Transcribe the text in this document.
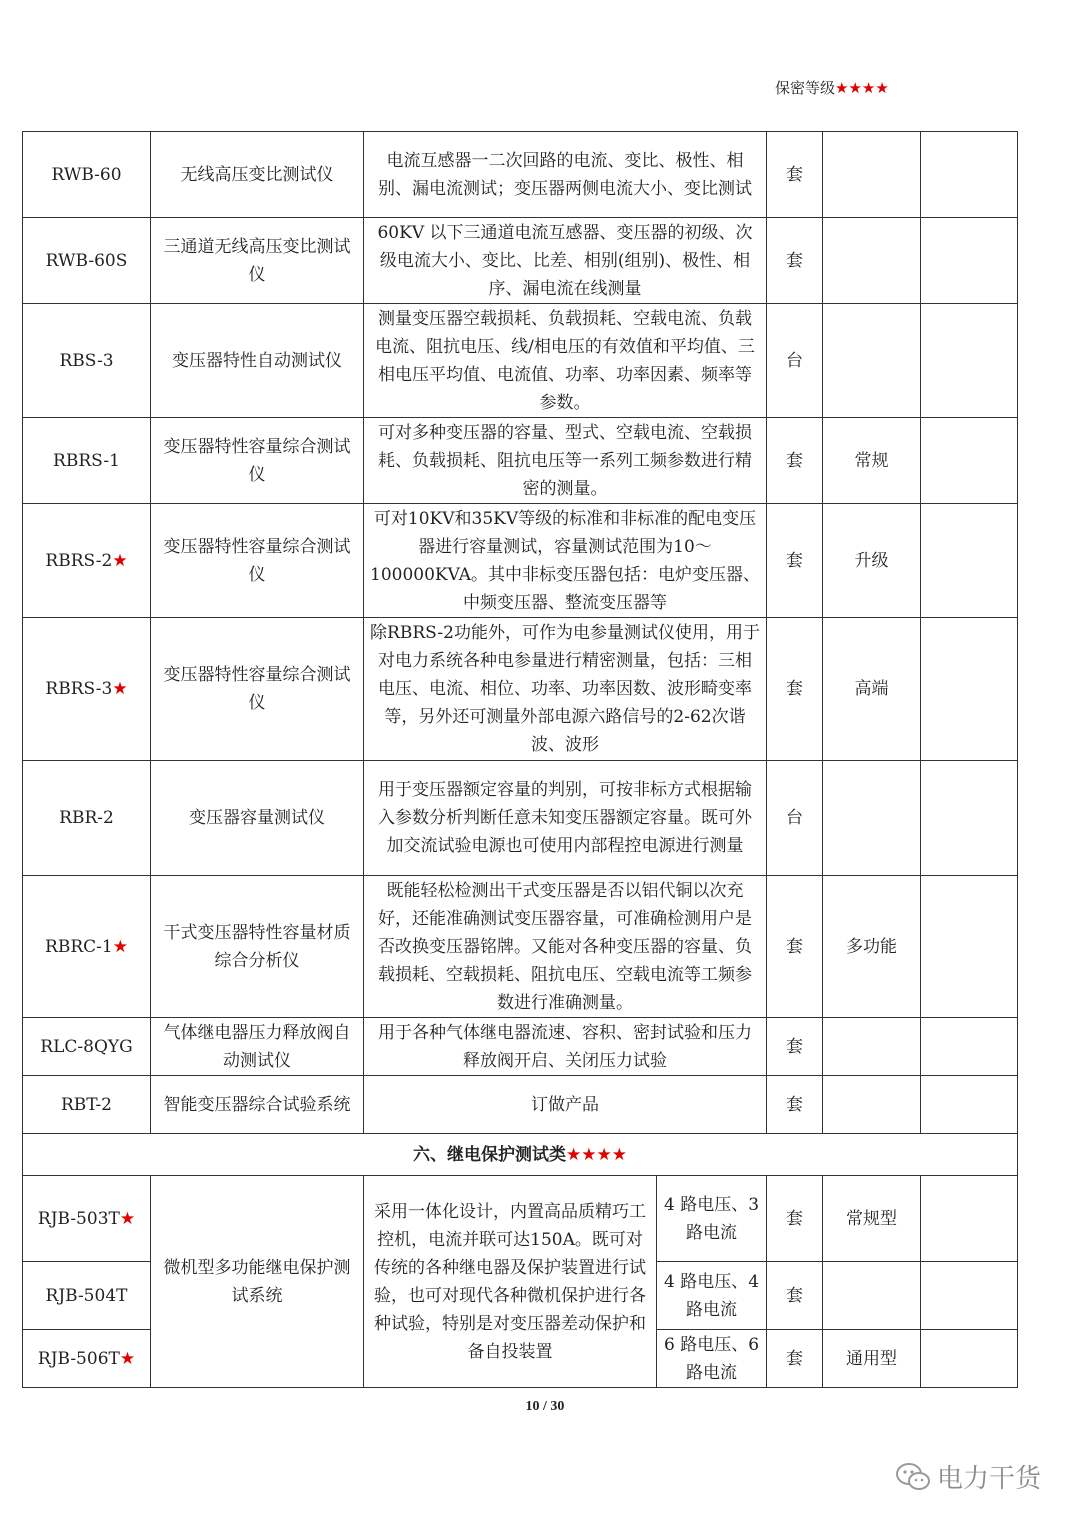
保密等级★★★★
RWB-60	无线高压变比测试仪	电流互感器一二次回路的电流、变比、极性、相别、漏电流测试；变压器两侧电流大小、变比测试		套		
RWB-60S	三通道无线高压变比测试仪	60KV 以下三通道电流互感器、变压器的初级、次级电流大小、变比、比差、相别(组别)、极性、相序、漏电流在线测量		套		
RBS-3	变压器特性自动测试仪	测量变压器空载损耗、负载损耗、空载电流、负载电流、阻抗电压、线/相电压的有效值和平均值、三相电压平均值、电流值、功率、功率因素、频率等参数。		台		
RBRS-1	变压器特性容量综合测试仪	可对多种变压器的容量、型式、空载电流、空载损耗、负载损耗、阻抗电压等一系列工频参数进行精密的测量。		套	常规	
RBRS-2★	变压器特性容量综合测试仪	可对10KV和35KV等级的标准和非标准的配电变压器进行容量测试，容量测试范围为10～100000KVA。其中非标变压器包括：电炉变压器、中频变压器、整流变压器等		套	升级	
RBRS-3★	变压器特性容量综合测试仪	除RBRS-2功能外，可作为电参量测试仪使用，用于对电力系统各种电参量进行精密测量，包括：三相电压、电流、相位、功率、功率因数、波形畸变率等，另外还可测量外部电源六路信号的2-62次谐波、波形		套	高端	
RBR-2	变压器容量测试仪	用于变压器额定容量的判别，可按非标方式根据输入参数分析判断任意未知变压器额定容量。既可外加交流试验电源也可使用内部程控电源进行测量		台		
RBRC-1★	干式变压器特性容量材质综合分析仪	既能轻松检测出干式变压器是否以铝代铜以次充好，还能准确测试变压器容量，可准确检测用户是否改换变压器铭牌。又能对各种变压器的容量、负载损耗、空载损耗、阻抗电压、空载电流等工频参数进行准确测量。		套	多功能	
RLC-8QYG	气体继电器压力释放阀自动测试仪	用于各种气体继电器流速、容积、密封试验和压力释放阀开启、关闭压力试验		套		
RBT-2	智能变压器综合试验系统	订做产品		套		
六、继电保护测试类★★★★						
RJB-503T★	微机型多功能继电保护测试系统	采用一体化设计，内置高品质精巧工控机，电流并联可达150A。既可对传统的各种继电器及保护装置进行试验，也可对现代各种微机保护进行各种试验，特别是对变压器差动保护和备自投装置	4 路电压、3 路电流	套	常规型	
RJB-504T			4 路电压、4 路电流	套		
RJB-506T★			6 路电压、6 路电流	套	通用型	
10 / 30
电力干货
